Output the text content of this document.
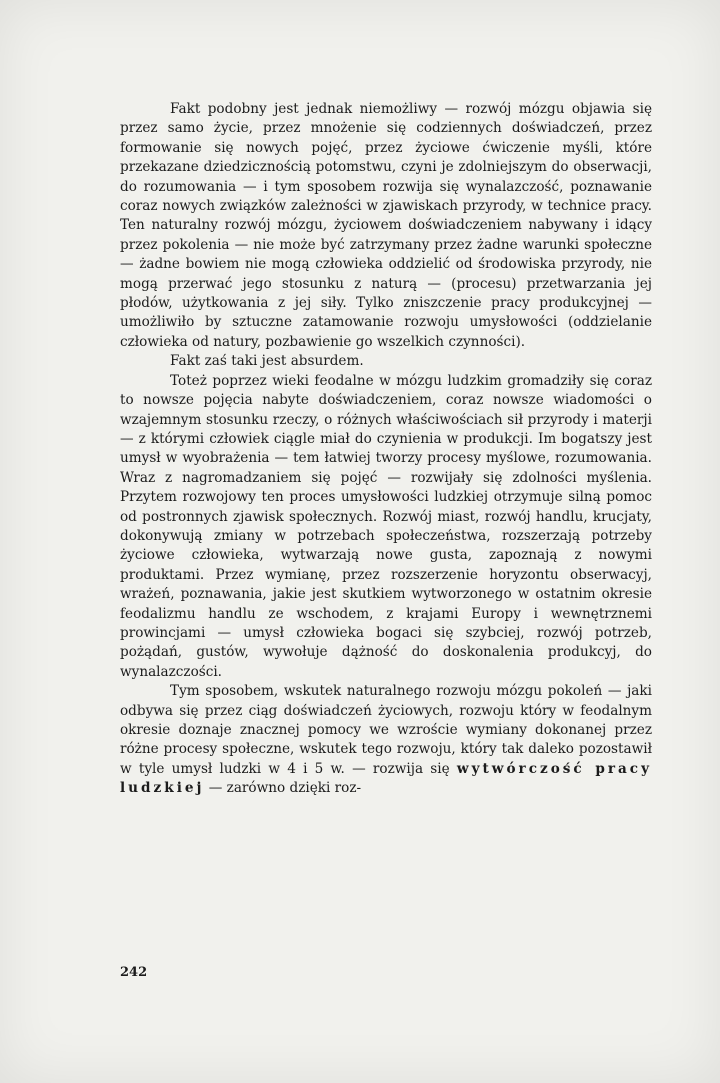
Fakt podobny jest jednak niemożliwy — rozwój mózgu objawia się przez samo życie, przez mnożenie się codziennych doświadczeń, przez formowanie się nowych pojęć, przez życiowe ćwiczenie myśli, które przekazane dziedzicznością potomstwu, czyni je zdolniejszym do obserwacji, do rozumowania — i tym sposobem rozwija się wynalazczość, poznawanie coraz nowych związków zależności w zjawiskach przyrody, w technice pracy. Ten naturalny rozwój mózgu, życiowem doświadczeniem nabywany i idący przez pokolenia — nie może być zatrzymany przez żadne warunki społeczne — żadne bowiem nie mogą człowieka oddzielić od środowiska przyrody, nie mogą przerwać jego stosunku z naturą — (procesu) przetwarzania jej płodów, użytkowania z jej siły. Tylko zniszczenie pracy produkcyjnej — umożliwiło by sztuczne zatamowanie rozwoju umysłowości (oddzielanie człowieka od natury, pozbawienie go wszelkich czynności).

Fakt zaś taki jest absurdem.

Toteż poprzez wieki feodalne w mózgu ludzkim gromadziły się coraz to nowsze pojęcia nabyte doświadczeniem, coraz nowsze wiadomości o wzajemnym stosunku rzeczy, o różnych właściwościach sił przyrody i materji — z którymi człowiek ciągle miał do czynienia w produkcji. Im bogatszy jest umysł w wyobrażenia — tem łatwiej tworzy procesy myślowe, rozumowania. Wraz z nagromadzaniem się pojęć — rozwijały się zdolności myślenia. Przytem rozwojowy ten proces umysłowości ludzkiej otrzymuje silną pomoc od postronnych zjawisk społecznych. Rozwój miast, rozwój handlu, krucjaty, dokonywują zmiany w potrzebach społeczeństwa, rozszerzają potrzeby życiowe człowieka, wytwarzają nowe gusta, zapoznają z nowymi produktami. Przez wymianę, przez rozszerzenie horyzontu obserwacyj, wrażeń, poznawania, jakie jest skutkiem wytworzonego w ostatnim okresie feodalizmu handlu ze wschodem, z krajami Europy i wewnętrznemi prowincjami — umysł człowieka bogaci się szybciej, rozwój potrzeb, pożądań, gustów, wywołuje dążność do doskonalenia produkcyj, do wynalazczości.

Tym sposobem, wskutek naturalnego rozwoju mózgu pokoleń — jaki odbywa się przez ciąg doświadczeń życiowych, rozwoju który w feodalnym okresie doznaje znacznej pomocy we wzroście wymiany dokonanej przez różne procesy społeczne, wskutek tego rozwoju, który tak daleko pozostawił w tyle umysł ludzki w 4 i 5 w. — rozwija się wytwórczość pracy ludzkiej — zarówno dzięki roz-

242
